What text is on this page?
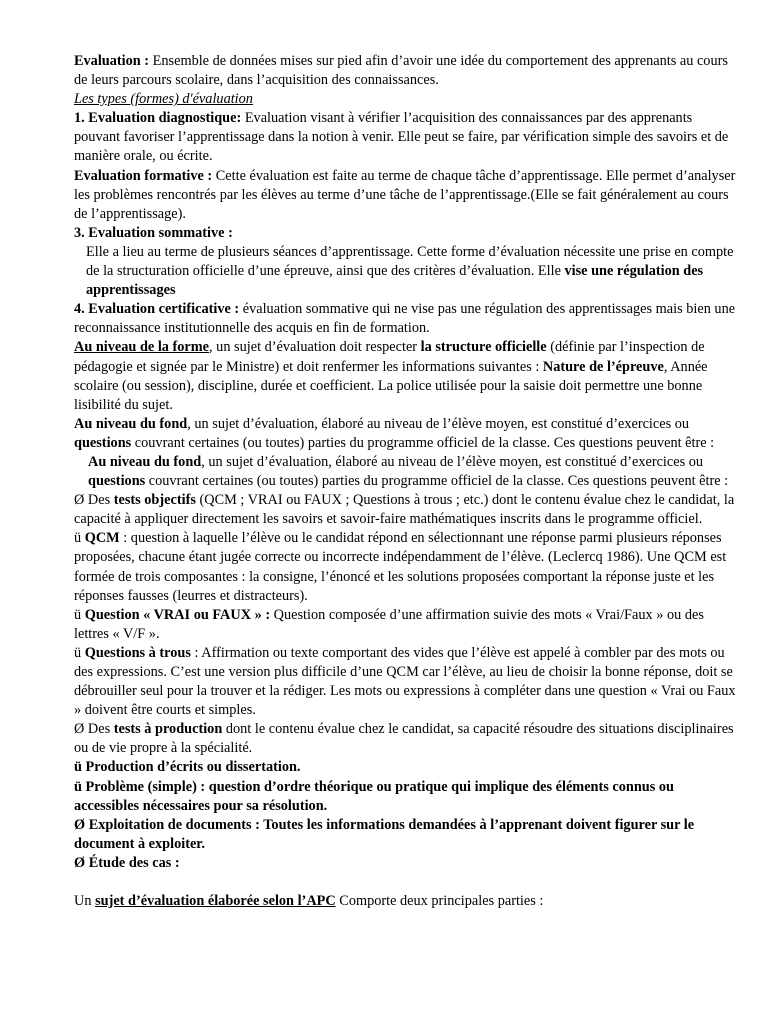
Evaluation : Ensemble de données mises sur pied afin d’avoir une idée du comportement des apprenants au cours de leurs parcours scolaire, dans l’acquisition des connaissances.

Les types (formes) d'évaluation

1. Evaluation diagnostique: Evaluation visant à vérifier l’acquisition des connaissances par des apprenants pouvant favoriser l’apprentissage dans la notion à venir. Elle peut se faire, par vérification simple des savoirs et de manière orale, ou écrite.

Evaluation formative : Cette évaluation est faite au terme de chaque tâche d’apprentissage. Elle permet d’analyser les problèmes rencontrés par les élèves au terme d’une tâche de l’apprentissage.(Elle se fait généralement au cours de l’apprentissage).

3. Evaluation sommative :

Elle a lieu au terme de plusieurs séances d’apprentissage. Cette forme d’évaluation nécessite une prise en compte de la structuration officielle d’une épreuve, ainsi que des critères d’évaluation. Elle vise une régulation des apprentissages

4. Evaluation certificative : évaluation sommative qui ne vise pas une régulation des apprentissages mais bien une reconnaissance institutionnelle des acquis en fin de formation.

Au niveau de la forme, un sujet d’évaluation doit respecter la structure officielle (définie par l’inspection de pédagogie et signée par le Ministre) et doit renfermer les informations suivantes : Nature de l’épreuve, Année scolaire (ou session), discipline, durée et coefficient. La police utilisée pour la saisie doit permettre une bonne lisibilité du sujet.

Au niveau du fond, un sujet d’évaluation, élaboré au niveau de l’élève moyen, est constitué d’exercices ou questions couvrant certaines (ou toutes) parties du programme officiel de la classe. Ces questions peuvent être :

Au niveau du fond, un sujet d’évaluation, élaboré au niveau de l’élève moyen, est constitué d’exercices ou questions couvrant certaines (ou toutes) parties du programme officiel de la classe. Ces questions peuvent être :

Ø Des tests objectifs (QCM ; VRAI ou FAUX ; Questions à trous ; etc.) dont le contenu évalue chez le candidat, la capacité à appliquer directement les savoirs et savoir-faire mathématiques inscrits dans le programme officiel.

ü QCM : question à laquelle l’élève ou le candidat répond en sélectionnant une réponse parmi plusieurs réponses proposées, chacune étant jugée correcte ou incorrecte indépendamment de l’élève. (Leclercq 1986). Une QCM est formée de trois composantes : la consigne, l’énoncé et les solutions proposées comportant la réponse juste et les réponses fausses (leurres et distracteurs).

ü Question « VRAI ou FAUX » : Question composée d’une affirmation suivie des mots « Vrai/Faux » ou des lettres « V/F ».

ü Questions à trous : Affirmation ou texte comportant des vides que l’élève est appelé à combler par des mots ou des expressions. C’est une version plus difficile d’une QCM car l’élève, au lieu de choisir la bonne réponse, doit se débrouiller seul pour la trouver et la rédiger. Les mots ou expressions à compléter dans une question « Vrai ou Faux » doivent être courts et simples.

Ø Des tests à production dont le contenu évalue chez le candidat, sa capacité résoudre des situations disciplinaires ou de vie propre à la spécialité.

ü Production d’écrits ou dissertation.

ü Problème (simple) : question d’ordre théorique ou pratique qui implique des éléments connus ou accessibles nécessaires pour sa résolution.

Ø Exploitation de documents : Toutes les informations demandées à l’apprenant doivent figurer sur le document à exploiter.

Ø Étude des cas :

Un sujet d’évaluation élaborée selon l’APC Comporte deux principales parties :
